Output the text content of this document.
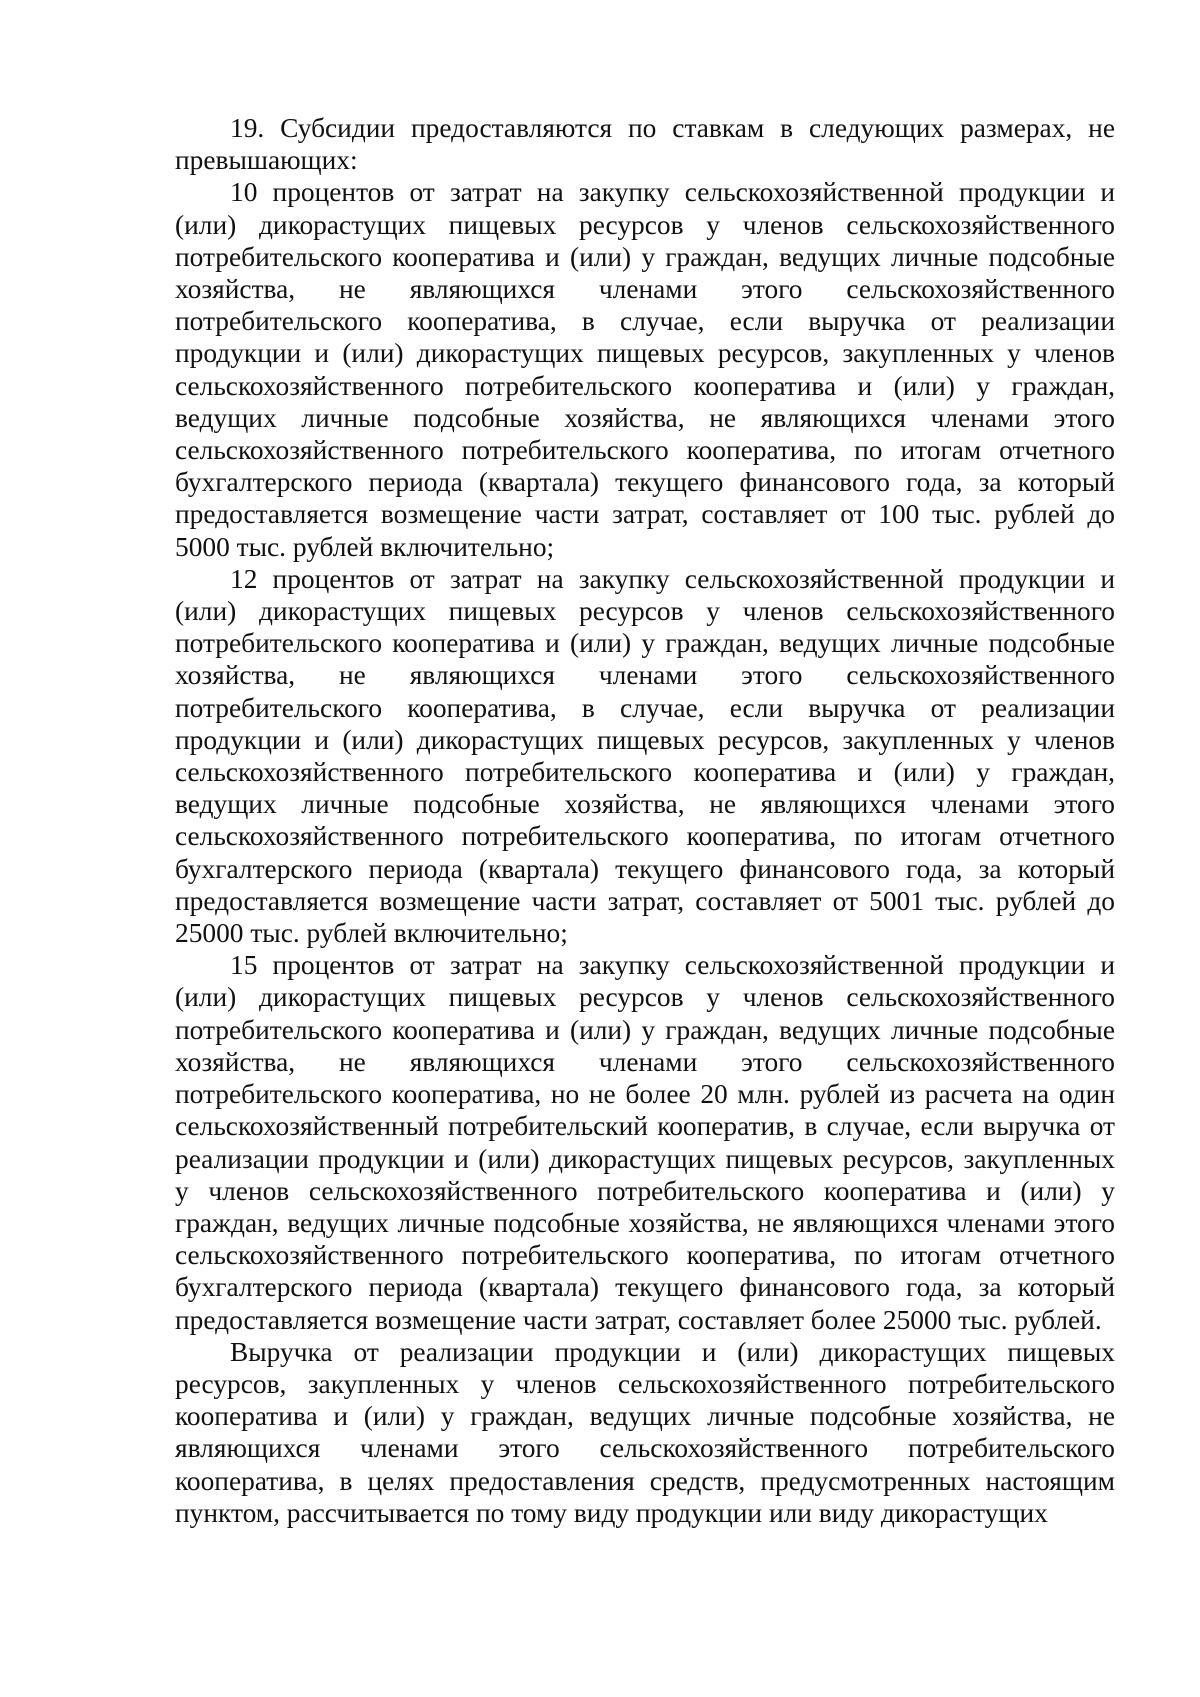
19. Субсидии предоставляются по ставкам в следующих размерах, не превышающих:

10 процентов от затрат на закупку сельскохозяйственной продукции и (или) дикорастущих пищевых ресурсов у членов сельскохозяйственного потребительского кооператива и (или) у граждан, ведущих личные подсобные хозяйства, не являющихся членами этого сельскохозяйственного потребительского кооператива, в случае, если выручка от реализации продукции и (или) дикорастущих пищевых ресурсов, закупленных у членов сельскохозяйственного потребительского кооператива и (или) у граждан, ведущих личные подсобные хозяйства, не являющихся членами этого сельскохозяйственного потребительского кооператива, по итогам отчетного бухгалтерского периода (квартала) текущего финансового года, за который предоставляется возмещение части затрат, составляет от 100 тыс. рублей до 5000 тыс. рублей включительно;

12 процентов от затрат на закупку сельскохозяйственной продукции и (или) дикорастущих пищевых ресурсов у членов сельскохозяйственного потребительского кооператива и (или) у граждан, ведущих личные подсобные хозяйства, не являющихся членами этого сельскохозяйственного потребительского кооператива, в случае, если выручка от реализации продукции и (или) дикорастущих пищевых ресурсов, закупленных у членов сельскохозяйственного потребительского кооператива и (или) у граждан, ведущих личные подсобные хозяйства, не являющихся членами этого сельскохозяйственного потребительского кооператива, по итогам отчетного бухгалтерского периода (квартала) текущего финансового года, за который предоставляется возмещение части затрат, составляет от 5001 тыс. рублей до 25000 тыс. рублей включительно;

15 процентов от затрат на закупку сельскохозяйственной продукции и (или) дикорастущих пищевых ресурсов у членов сельскохозяйственного потребительского кооператива и (или) у граждан, ведущих личные подсобные хозяйства, не являющихся членами этого сельскохозяйственного потребительского кооператива, но не более 20 млн. рублей из расчета на один сельскохозяйственный потребительский кооператив, в случае, если выручка от реализации продукции и (или) дикорастущих пищевых ресурсов, закупленных у членов сельскохозяйственного потребительского кооператива и (или) у граждан, ведущих личные подсобные хозяйства, не являющихся членами этого сельскохозяйственного потребительского кооператива, по итогам отчетного бухгалтерского периода (квартала) текущего финансового года, за который предоставляется возмещение части затрат, составляет более 25000 тыс. рублей.

Выручка от реализации продукции и (или) дикорастущих пищевых ресурсов, закупленных у членов сельскохозяйственного потребительского кооператива и (или) у граждан, ведущих личные подсобные хозяйства, не являющихся членами этого сельскохозяйственного потребительского кооператива, в целях предоставления средств, предусмотренных настоящим пунктом, рассчитывается по тому виду продукции или виду дикорастущих
